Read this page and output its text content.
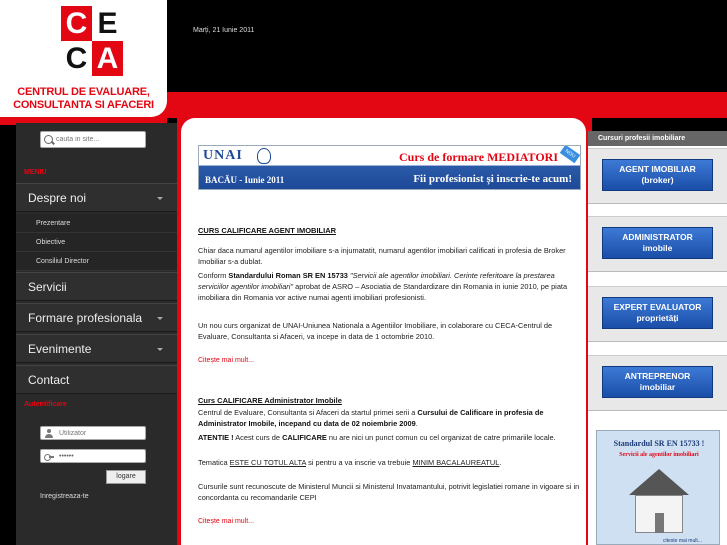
Marți, 21 Iunie 2011
C E
C A
CENTRUL DE EVALUARE,
CONSULTANTA SI AFACERI
cauta in site...
MENIU
Despre noi
Prezentare
Obiective
Consiliul Director
Servicii
Formare profesionala
Evenimente
Contact
Autentificare
Utilizator
••••••
logare
Inregistreaza-te
UNAI
BACĂU - Iunie 2011
Curs de formare MEDIATORI
Fii profesionist și inscrie-te acum!
NOU
CURS CALIFICARE AGENT IMOBILIAR
Chiar daca numarul agentilor imobiliare s-a injumatatit, numarul agentilor imobiliari calificati in profesia de Broker Imobiliar s-a dublat.
Conform Standardului Roman SR EN 15733 "Servicii ale agentilor imobiliari. Cerinte referitoare la prestarea serviciilor agentilor imobiliari" aprobat de ASRO – Asociatia de Standardizare din Romania in iunie 2010, pe piata imobiliara din Romania vor active numai agenti imobiliari profesionisti.
Un nou curs organizat de UNAI-Uniunea Nationala a Agentiilor Imobiliare, in colaborare cu CECA-Centrul de Evaluare, Consultanta si Afaceri, va incepe in data de 1 octombrie 2010.
Citește mai mult...
Curs CALIFICARE Administrator Imobile
Centrul de Evaluare, Consultanta si Afaceri da startul primei serii a Cursului de Calificare in profesia de Administrator Imobile, incepand cu data de 02 noiembrie 2009.
ATENTIE ! Acest curs de CALIFICARE nu are nici un punct comun cu cel organizat de catre primariile locale.
Tematica ESTE CU TOTUL ALTA si pentru a va inscrie va trebuie MINIM BACALAUREATUL.
Cursurile sunt recunoscute de Ministerul Muncii si Ministerul Invatamantului, potrivit legislatiei romane in vigoare si in concordanta cu recomandarile CEPI
Citește mai mult...
Cursuri profesii imobiliare
AGENT IMOBILIAR
(broker)
ADMINISTRATOR
imobile
EXPERT EVALUATOR
proprietăți
ANTREPRENOR
imobiliar
Standardul SR EN 15733 !
Servicii ale agentilor imobiliari
citeste mai mult...
